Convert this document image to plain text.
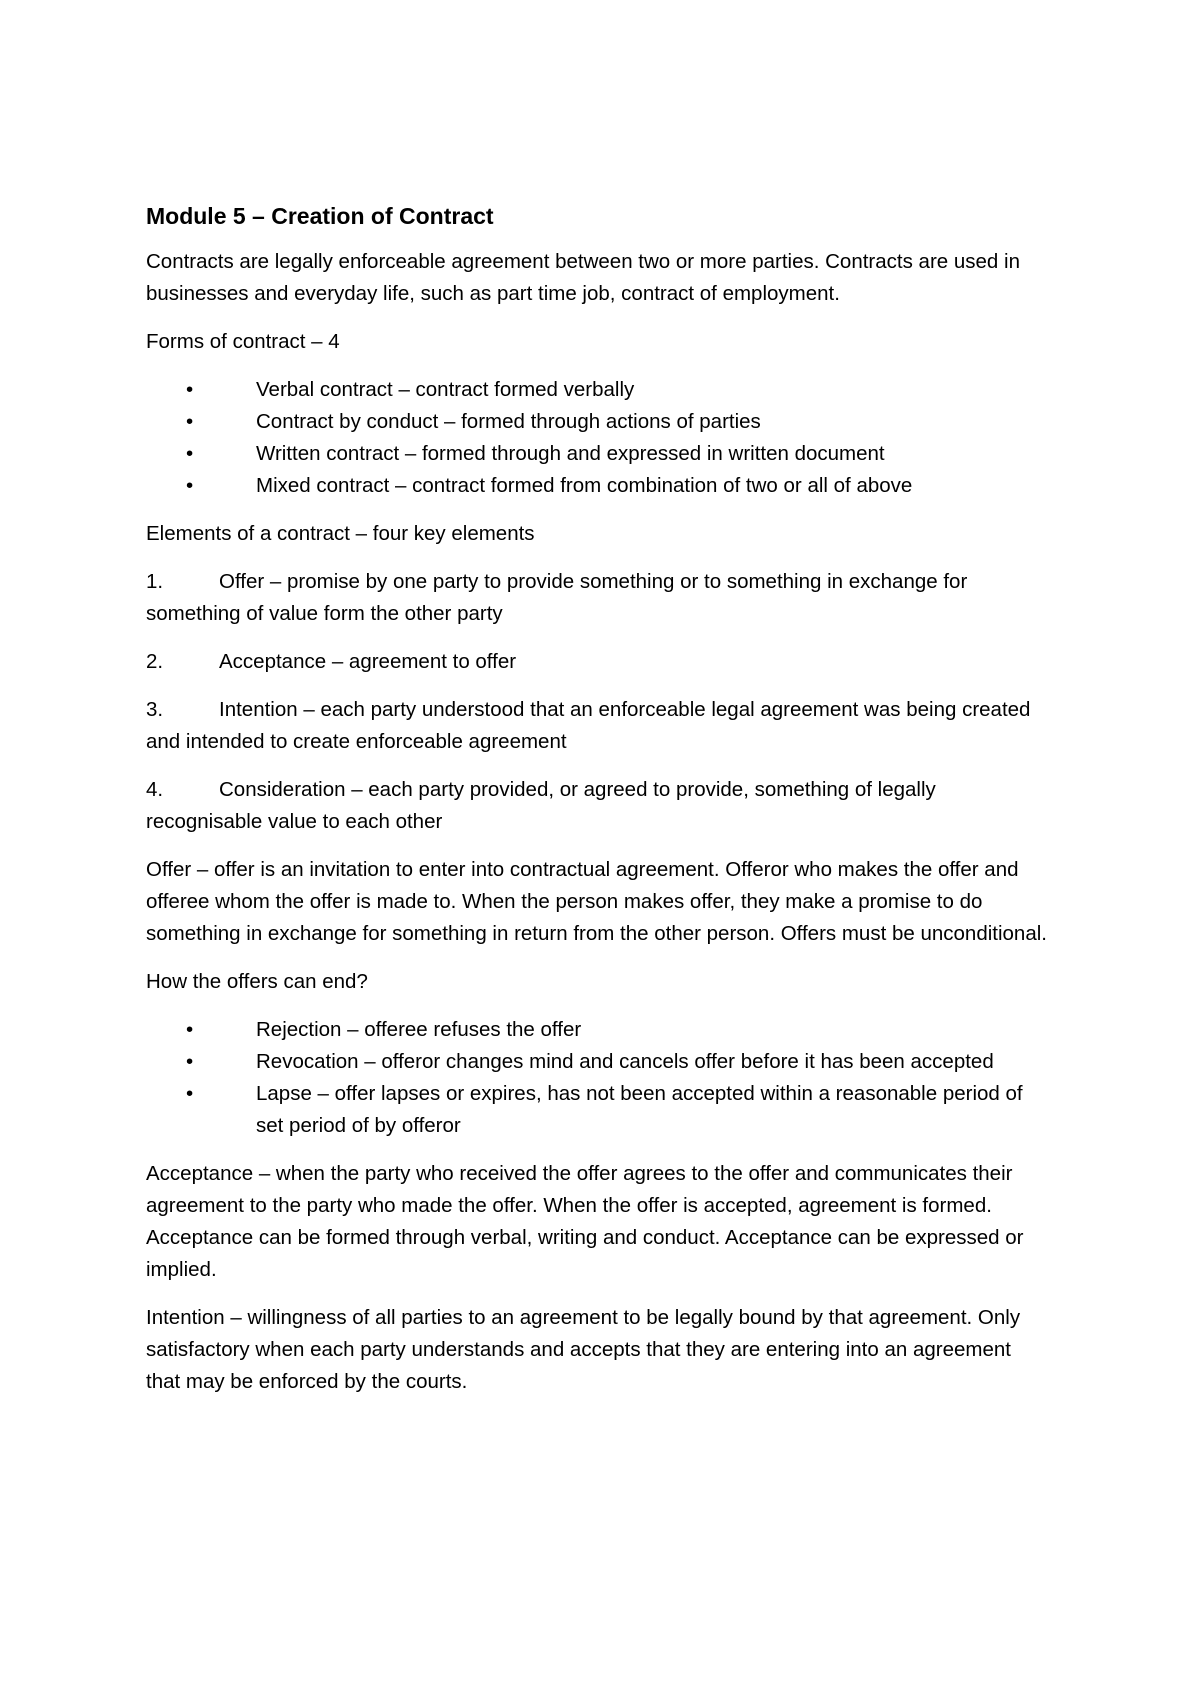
Module 5 – Creation of Contract

Contracts are legally enforceable agreement between two or more parties. Contracts are used in businesses and everyday life, such as part time job, contract of employment.

Forms of contract – 4

•	Verbal contract – contract formed verbally
•	Contract by conduct – formed through actions of parties
•	Written contract – formed through and expressed in written document
•	Mixed contract – contract formed from combination of two or all of above

Elements of a contract – four key elements

1.	Offer – promise by one party to provide something or to something in exchange for something of value form the other party

2.	Acceptance – agreement to offer

3.	Intention – each party understood that an enforceable legal agreement was being created and intended to create enforceable agreement

4.	Consideration – each party provided, or agreed to provide, something of legally recognisable value to each other

Offer – offer is an invitation to enter into contractual agreement. Offeror who makes the offer and offeree whom the offer is made to. When the person makes offer, they make a promise to do something in exchange for something in return from the other person. Offers must be unconditional.

How the offers can end?

•	Rejection – offeree refuses the offer
•	Revocation – offeror changes mind and cancels offer before it has been accepted
•	Lapse – offer lapses or expires, has not been accepted within a reasonable period of set period of by offeror

Acceptance – when the party who received the offer agrees to the offer and communicates their agreement to the party who made the offer. When the offer is accepted, agreement is formed. Acceptance can be formed through verbal, writing and conduct. Acceptance can be expressed or implied.

Intention – willingness of all parties to an agreement to be legally bound by that agreement. Only satisfactory when each party understands and accepts that they are entering into an agreement that may be enforced by the courts.
